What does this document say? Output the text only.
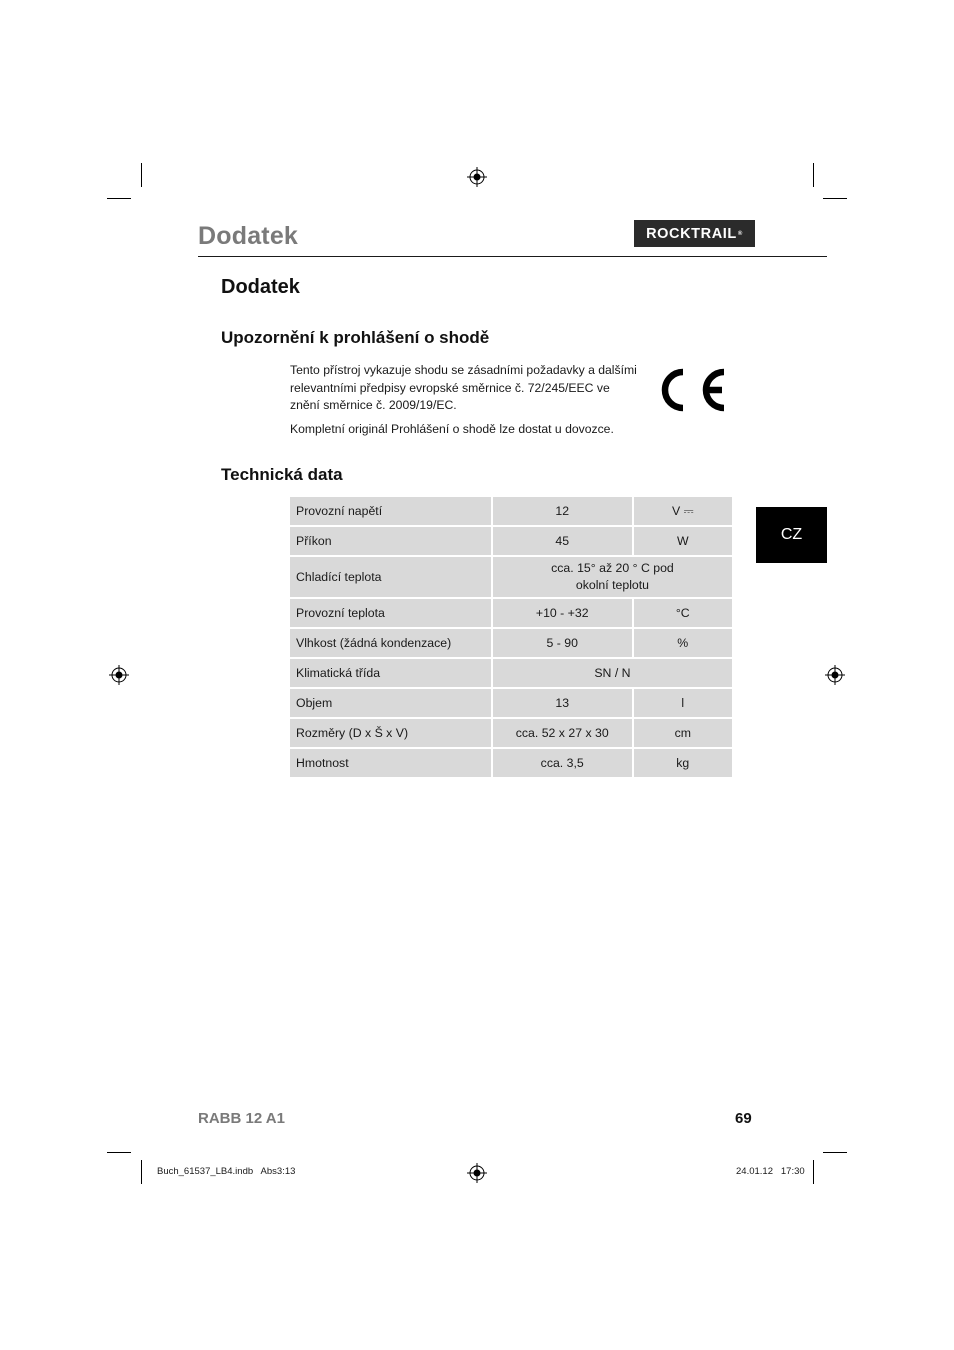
Dodatek	ROCKTRAIL ®
Dodatek
Upozornění k prohlášení o shodě

Tento přístroj vykazuje shodu se zásadními požadavky a dalšími
relevantními předpisy evropské směrnice č. 72/245/EEC ve
znění směrnice č. 2009/19/EC.

Kompletní originál Prohlášení o shodě lze dostat u dovozce.

Technická data
Provozní napětí	12	V ⎓
Příkon	45	W
Chladící teplota	cca. 15° až 20 ° C pod
okolní teplotu	
Provozní teplota	+10 - +32	°C
Vlhkost (žádná kondenzace)	5 - 90	%
Klimatická třída	SN / N	
Objem	13	l
Rozměry (D x Š x V)	cca. 52 x 27 x 30	cm
Hmotnost	cca. 3,5	kg
CZ
RABB 12 A1	69
Buch_61537_LB4.indb   Abs3:13	24.01.12   17:30
